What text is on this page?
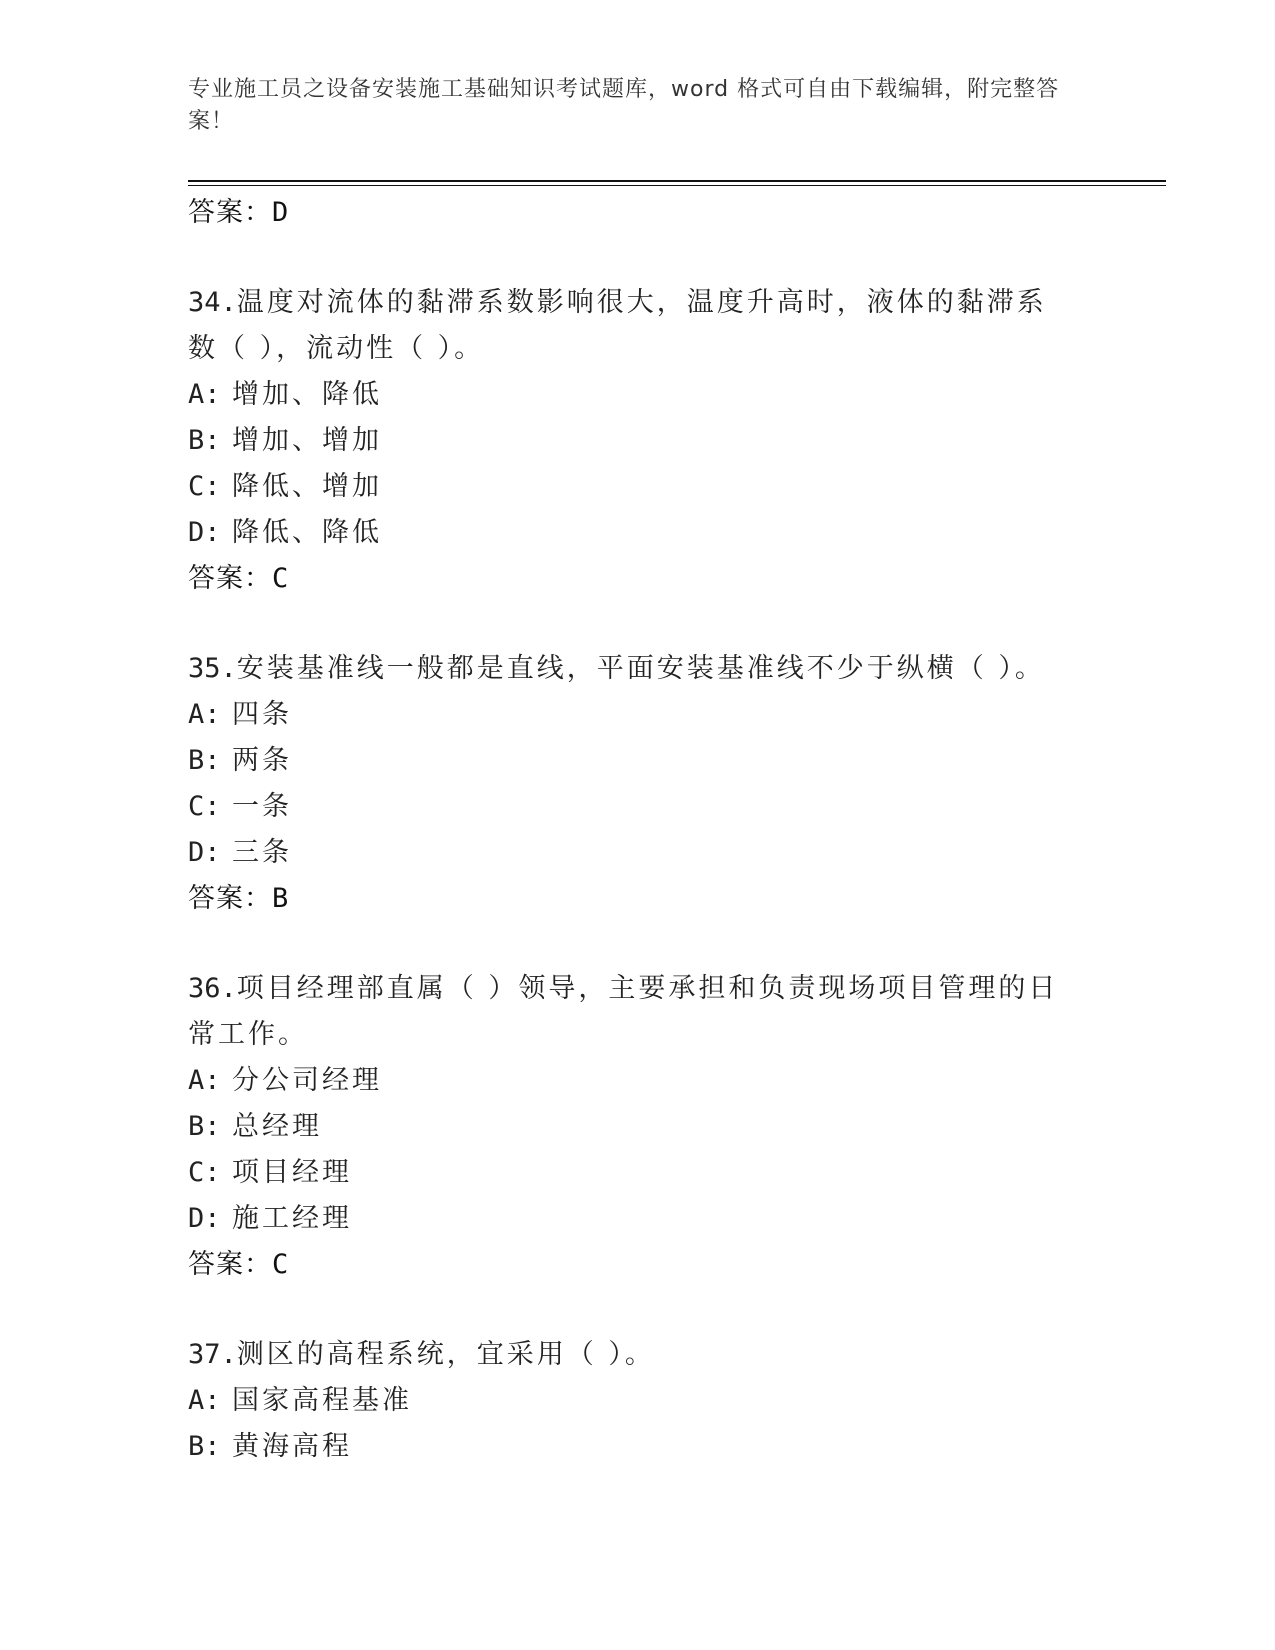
专业施工员之设备安装施工基础知识考试题库，word 格式可自由下载编辑，附完整答案！
答案：D
34.温度对流体的黏滞系数影响很大，温度升高时，液体的黏滞系数（ ），流动性（ ）。
A: 增加、降低
B: 增加、增加
C: 降低、增加
D: 降低、降低
答案：C
35.安装基准线一般都是直线，平面安装基准线不少于纵横（ ）。
A: 四条
B: 两条
C: 一条
D: 三条
答案：B
36.项目经理部直属（ ）领导，主要承担和负责现场项目管理的日常工作。
A: 分公司经理
B: 总经理
C: 项目经理
D: 施工经理
答案：C
37.测区的高程系统，宜采用（ ）。
A: 国家高程基准
B: 黄海高程
